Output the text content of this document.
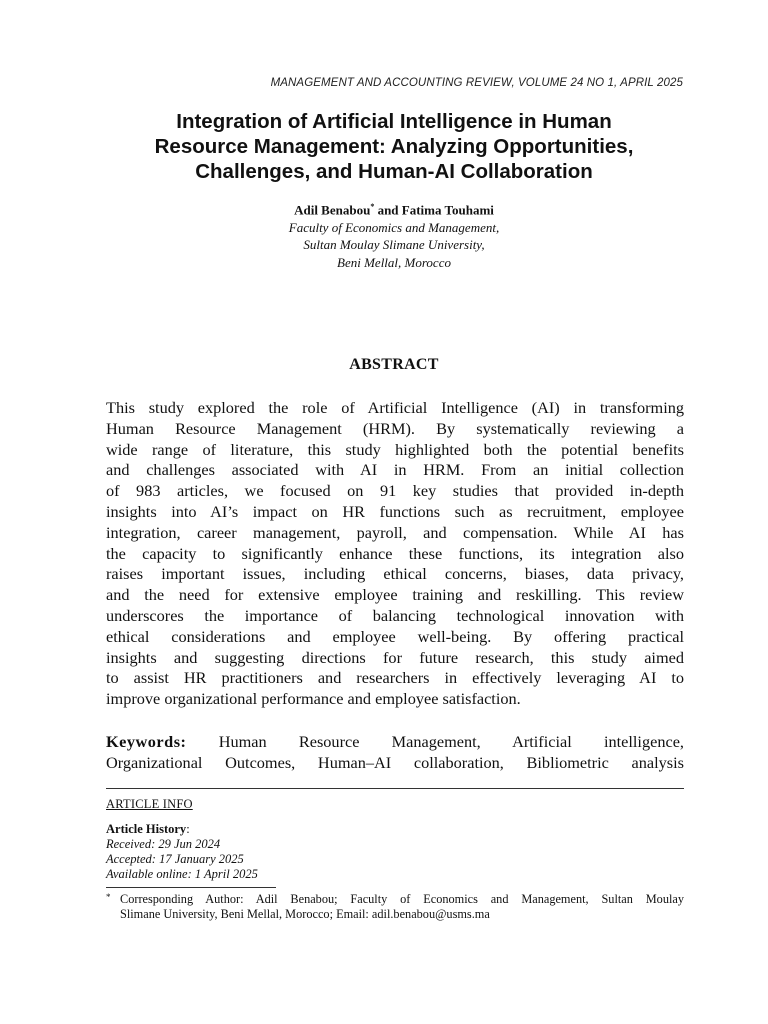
MANAGEMENT AND ACCOUNTING REVIEW, VOLUME 24 NO 1, APRIL 2025
Integration of Artificial Intelligence in Human
Resource Management: Analyzing Opportunities,
Challenges, and Human-AI Collaboration
Adil Benabou* and Fatima Touhami
Faculty of Economics and Management,
Sultan Moulay Slimane University,
Beni Mellal, Morocco
ABSTRACT
This study explored the role of Artificial Intelligence (AI) in transforming
Human Resource Management (HRM). By systematically reviewing a
wide range of literature, this study highlighted both the potential benefits
and challenges associated with AI in HRM. From an initial collection
of 983 articles, we focused on 91 key studies that provided in-depth
insights into AI’s impact on HR functions such as recruitment, employee
integration, career management, payroll, and compensation. While AI has
the capacity to significantly enhance these functions, its integration also
raises important issues, including ethical concerns, biases, data privacy,
and the need for extensive employee training and reskilling. This review
underscores the importance of balancing technological innovation with
ethical considerations and employee well-being. By offering practical
insights and suggesting directions for future research, this study aimed
to assist HR practitioners and researchers in effectively leveraging AI to
improve organizational performance and employee satisfaction.
Keywords: Human Resource Management, Artificial intelligence,
Organizational Outcomes, Human–AI collaboration, Bibliometric analysis
ARTICLE INFO
Article History:
Received: 29 Jun 2024
Accepted: 17 January 2025
Available online: 1 April 2025
* Corresponding Author: Adil Benabou; Faculty of Economics and Management, Sultan Moulay
Slimane University, Beni Mellal, Morocco; Email: adil.benabou@usms.ma
